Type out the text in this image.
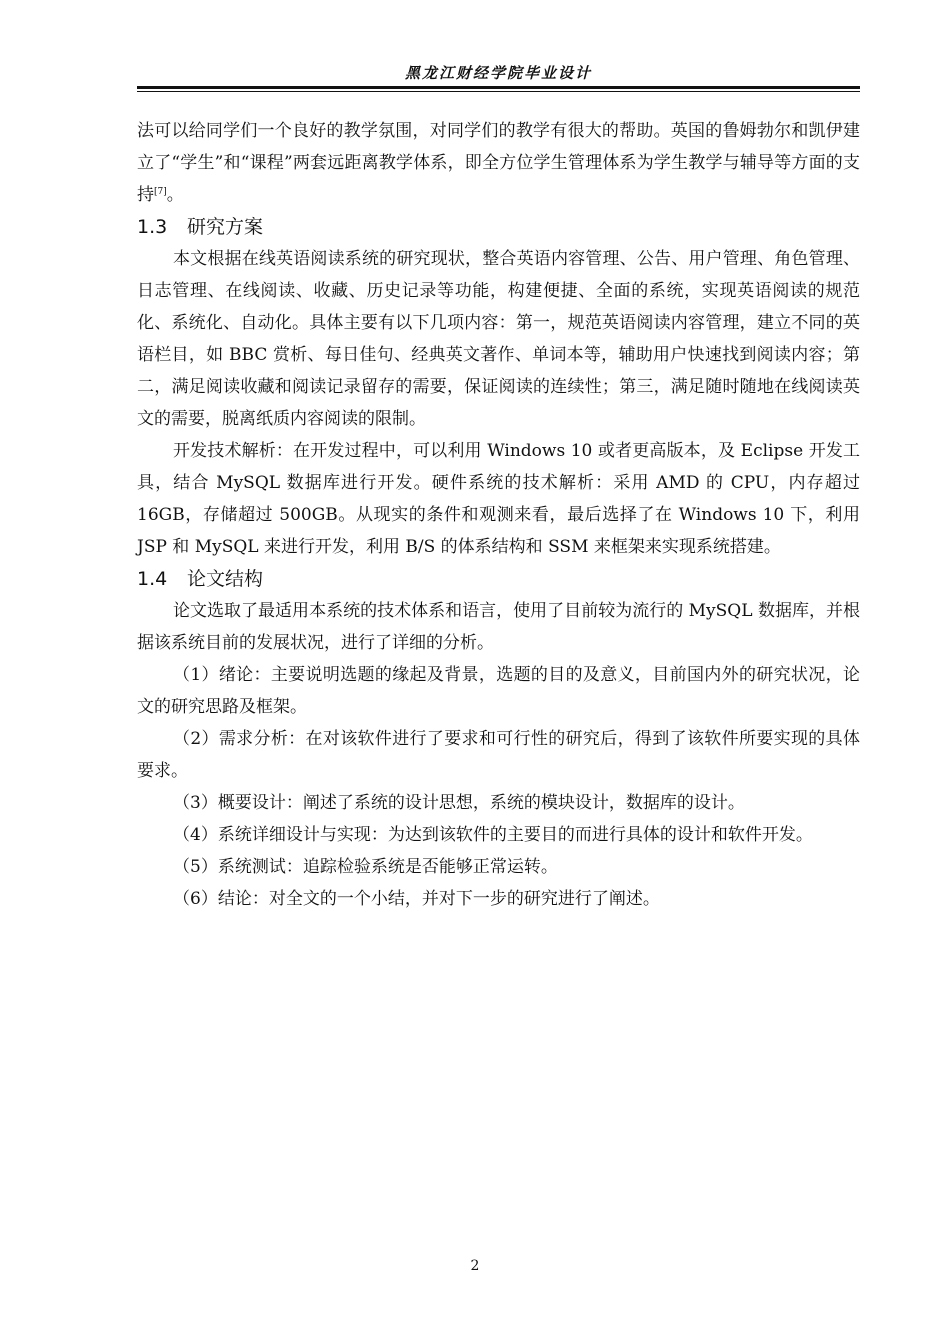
黑龙江财经学院毕业设计

法可以给同学们一个良好的教学氛围，对同学们的教学有很大的帮助。英国的鲁姆勃尔和凯伊建立了“学生”和“课程”两套远距离教学体系，即全方位学生管理体系为学生教学与辅导等方面的支持[7]。

1.3 研究方案

本文根据在线英语阅读系统的研究现状，整合英语内容管理、公告、用户管理、角色管理、日志管理、在线阅读、收藏、历史记录等功能，构建便捷、全面的系统，实现英语阅读的规范化、系统化、自动化。具体主要有以下几项内容：第一，规范英语阅读内容管理，建立不同的英语栏目，如 BBC 赏析、每日佳句、经典英文著作、单词本等，辅助用户快速找到阅读内容；第二，满足阅读收藏和阅读记录留存的需要，保证阅读的连续性；第三，满足随时随地在线阅读英文的需要，脱离纸质内容阅读的限制。

开发技术解析：在开发过程中，可以利用 Windows 10 或者更高版本，及 Eclipse 开发工具，结合 MySQL 数据库进行开发。硬件系统的技术解析：采用 AMD 的 CPU，内存超过 16GB，存储超过 500GB。从现实的条件和观测来看，最后选择了在 Windows 10 下，利用 JSP 和 MySQL 来进行开发，利用 B/S 的体系结构和 SSM 来框架来实现系统搭建。

1.4 论文结构

论文选取了最适用本系统的技术体系和语言，使用了目前较为流行的 MySQL 数据库，并根据该系统目前的发展状况，进行了详细的分析。

（1）绪论：主要说明选题的缘起及背景，选题的目的及意义，目前国内外的研究状况，论文的研究思路及框架。

（2）需求分析：在对该软件进行了要求和可行性的研究后，得到了该软件所要实现的具体要求。

（3）概要设计：阐述了系统的设计思想，系统的模块设计，数据库的设计。

（4）系统详细设计与实现：为达到该软件的主要目的而进行具体的设计和软件开发。

（5）系统测试：追踪检验系统是否能够正常运转。

（6）结论：对全文的一个小结，并对下一步的研究进行了阐述。

2
